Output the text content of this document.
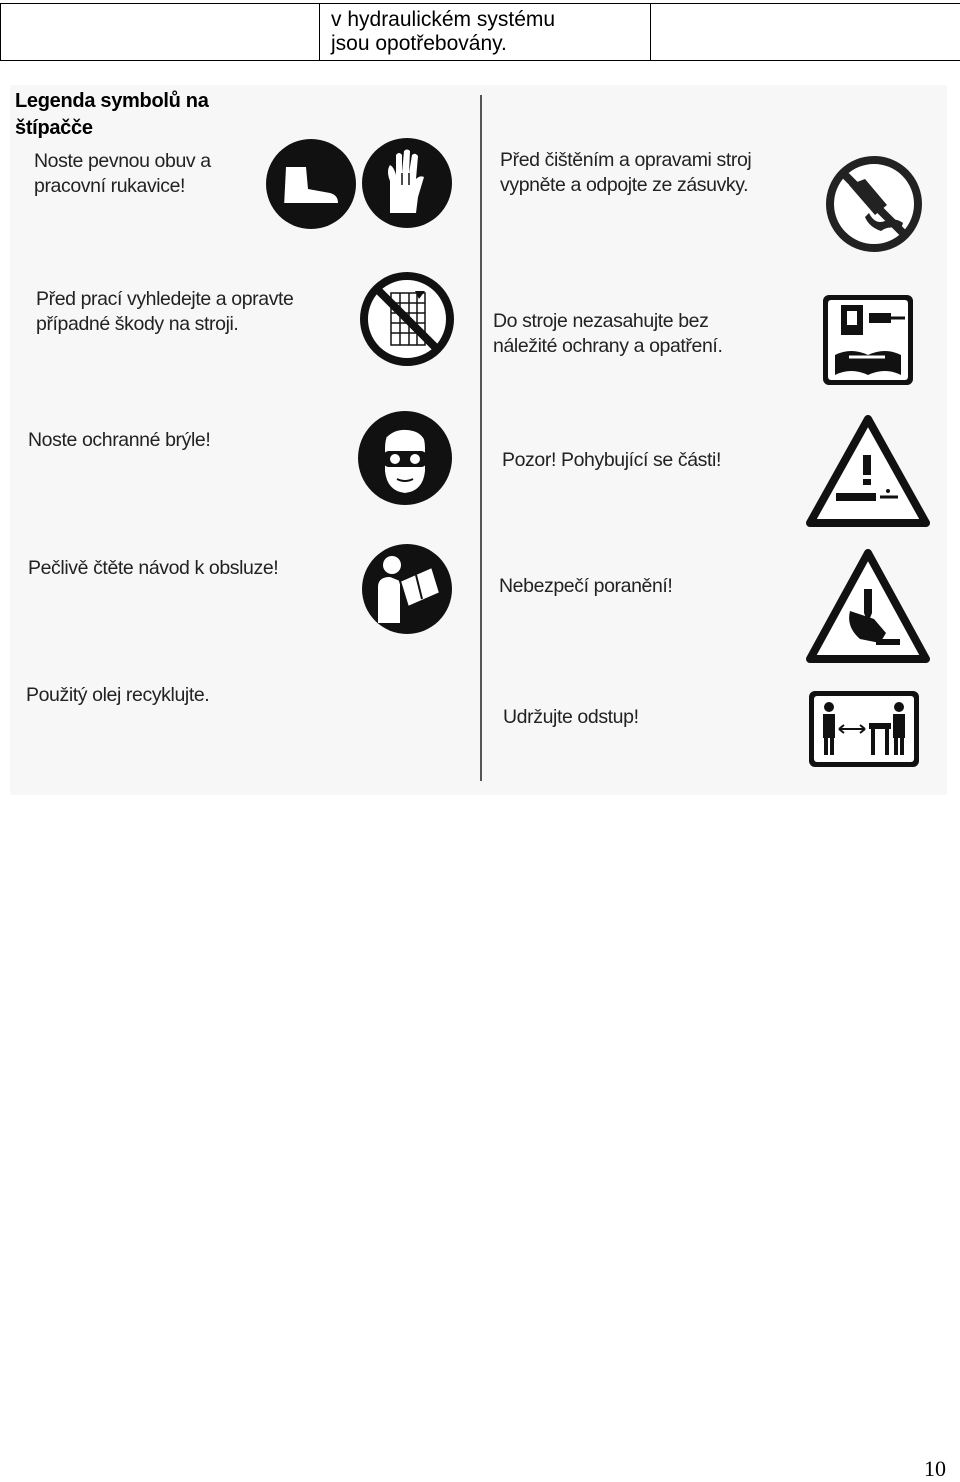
v hydraulickém systému
jsou opotřebovány.

Legenda symbolů na
štípačče
Noste pevnou obuv a
pracovní rukavice!
Před čištěním a opravami stroj
vypněte a odpojte ze zásuvky.
Před prací vyhledejte a opravte
případné škody na stroji.	Do stroje nezasahujte bez
náležité ochrany a opatření.
Noste ochranné brýle!
Pozor! Pohybující se části!
Pečlivě čtěte návod k obsluze!
Nebezpečí poranění!
Použitý olej recyklujte.
Udržujte odstup!
10
